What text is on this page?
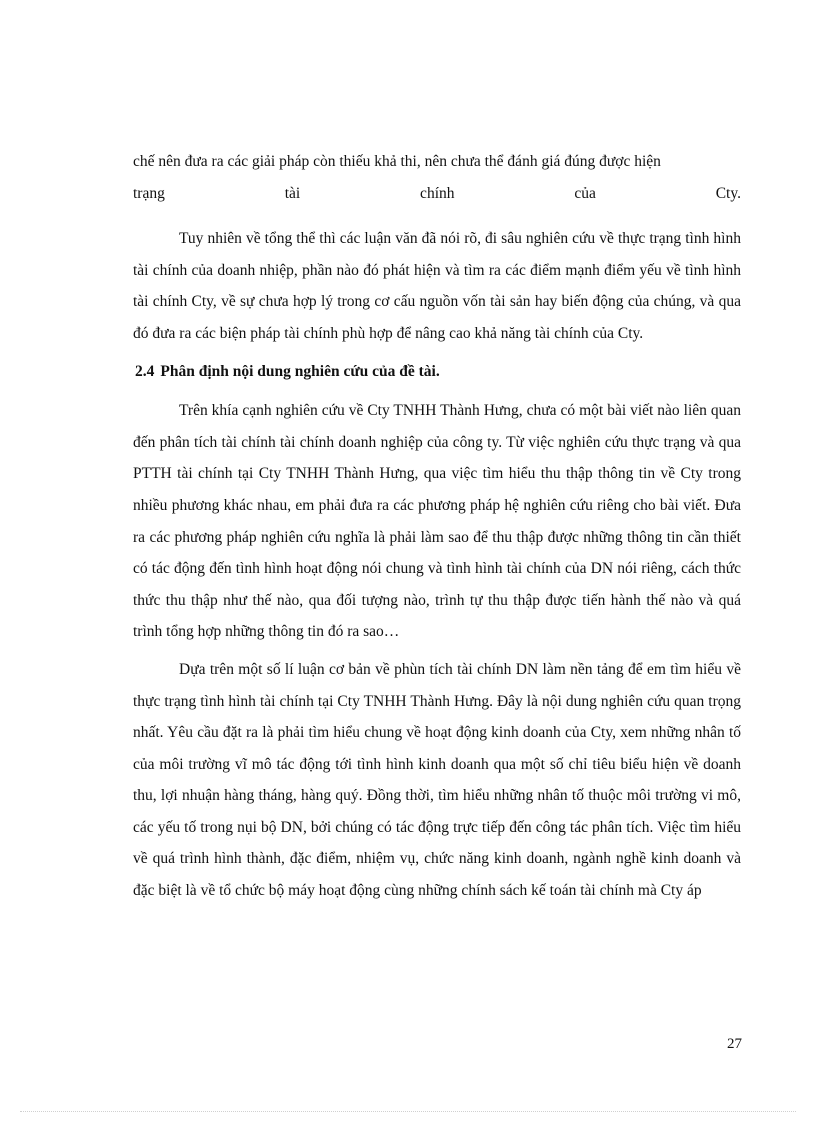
chế nên đưa ra các giải pháp còn thiếu khả thi, nên chưa thể đánh giá đúng được hiện

trạng tài chính của Cty.

Tuy nhiên về tổng thể thì các luận văn đã nói rõ, đi sâu nghiên cứu về thực trạng tình hình tài chính của doanh nhiệp, phần nào đó phát hiện và tìm ra các điểm mạnh điểm yếu về tình hình tài chính Cty, về sự chưa hợp lý trong cơ cấu nguồn vốn tài sản hay biến động của chúng, và qua đó đưa ra các biện pháp tài chính phù hợp để nâng cao khả năng tài chính của Cty.

2.4 Phân định nội dung nghiên cứu của đề tài.

Trên khía cạnh nghiên cứu về Cty TNHH Thành Hưng, chưa có một bài viết nào liên quan đến phân tích tài chính tài chính doanh nghiệp của công ty. Từ việc nghiên cứu thực trạng và qua PTTH tài chính tại Cty TNHH Thành Hưng, qua việc tìm hiểu thu thập thông tin về Cty trong nhiều phương khác nhau, em phải đưa ra các phương pháp hệ nghiên cứu riêng cho bài viết. Đưa ra các phương pháp nghiên cứu nghĩa là phải làm sao để thu thập được những thông tin cần thiết có tác động đến tình hình hoạt động nói chung và tình hình tài chính của DN nói riêng, cách thức thức thu thập như thế nào, qua đối tượng nào, trình tự thu thập được tiến hành thế nào và quá trình tổng hợp những thông tin đó ra sao…

Dựa trên một số lí luận cơ bản về phùn tích tài chính DN làm nền tảng để em tìm hiểu về thực trạng tình hình tài chính tại Cty TNHH Thành Hưng. Đây là nội dung nghiên cứu quan trọng nhất. Yêu cầu đặt ra là phải tìm hiểu chung về hoạt động kinh doanh của Cty, xem những nhân tố của môi trường vĩ mô tác động tới tình hình kinh doanh qua một số chỉ tiêu biểu hiện về doanh thu, lợi nhuận hàng tháng, hàng quý. Đồng thời, tìm hiểu những nhân tố thuộc môi trường vi mô, các yếu tố trong nụi bộ DN, bởi chúng có tác động trực tiếp đến công tác phân tích. Việc tìm hiểu về quá trình hình thành, đặc điểm, nhiệm vụ, chức năng kinh doanh, ngành nghề kinh doanh và đặc biệt là về tổ chức bộ máy hoạt động cùng những chính sách kế toán tài chính mà Cty áp

27
